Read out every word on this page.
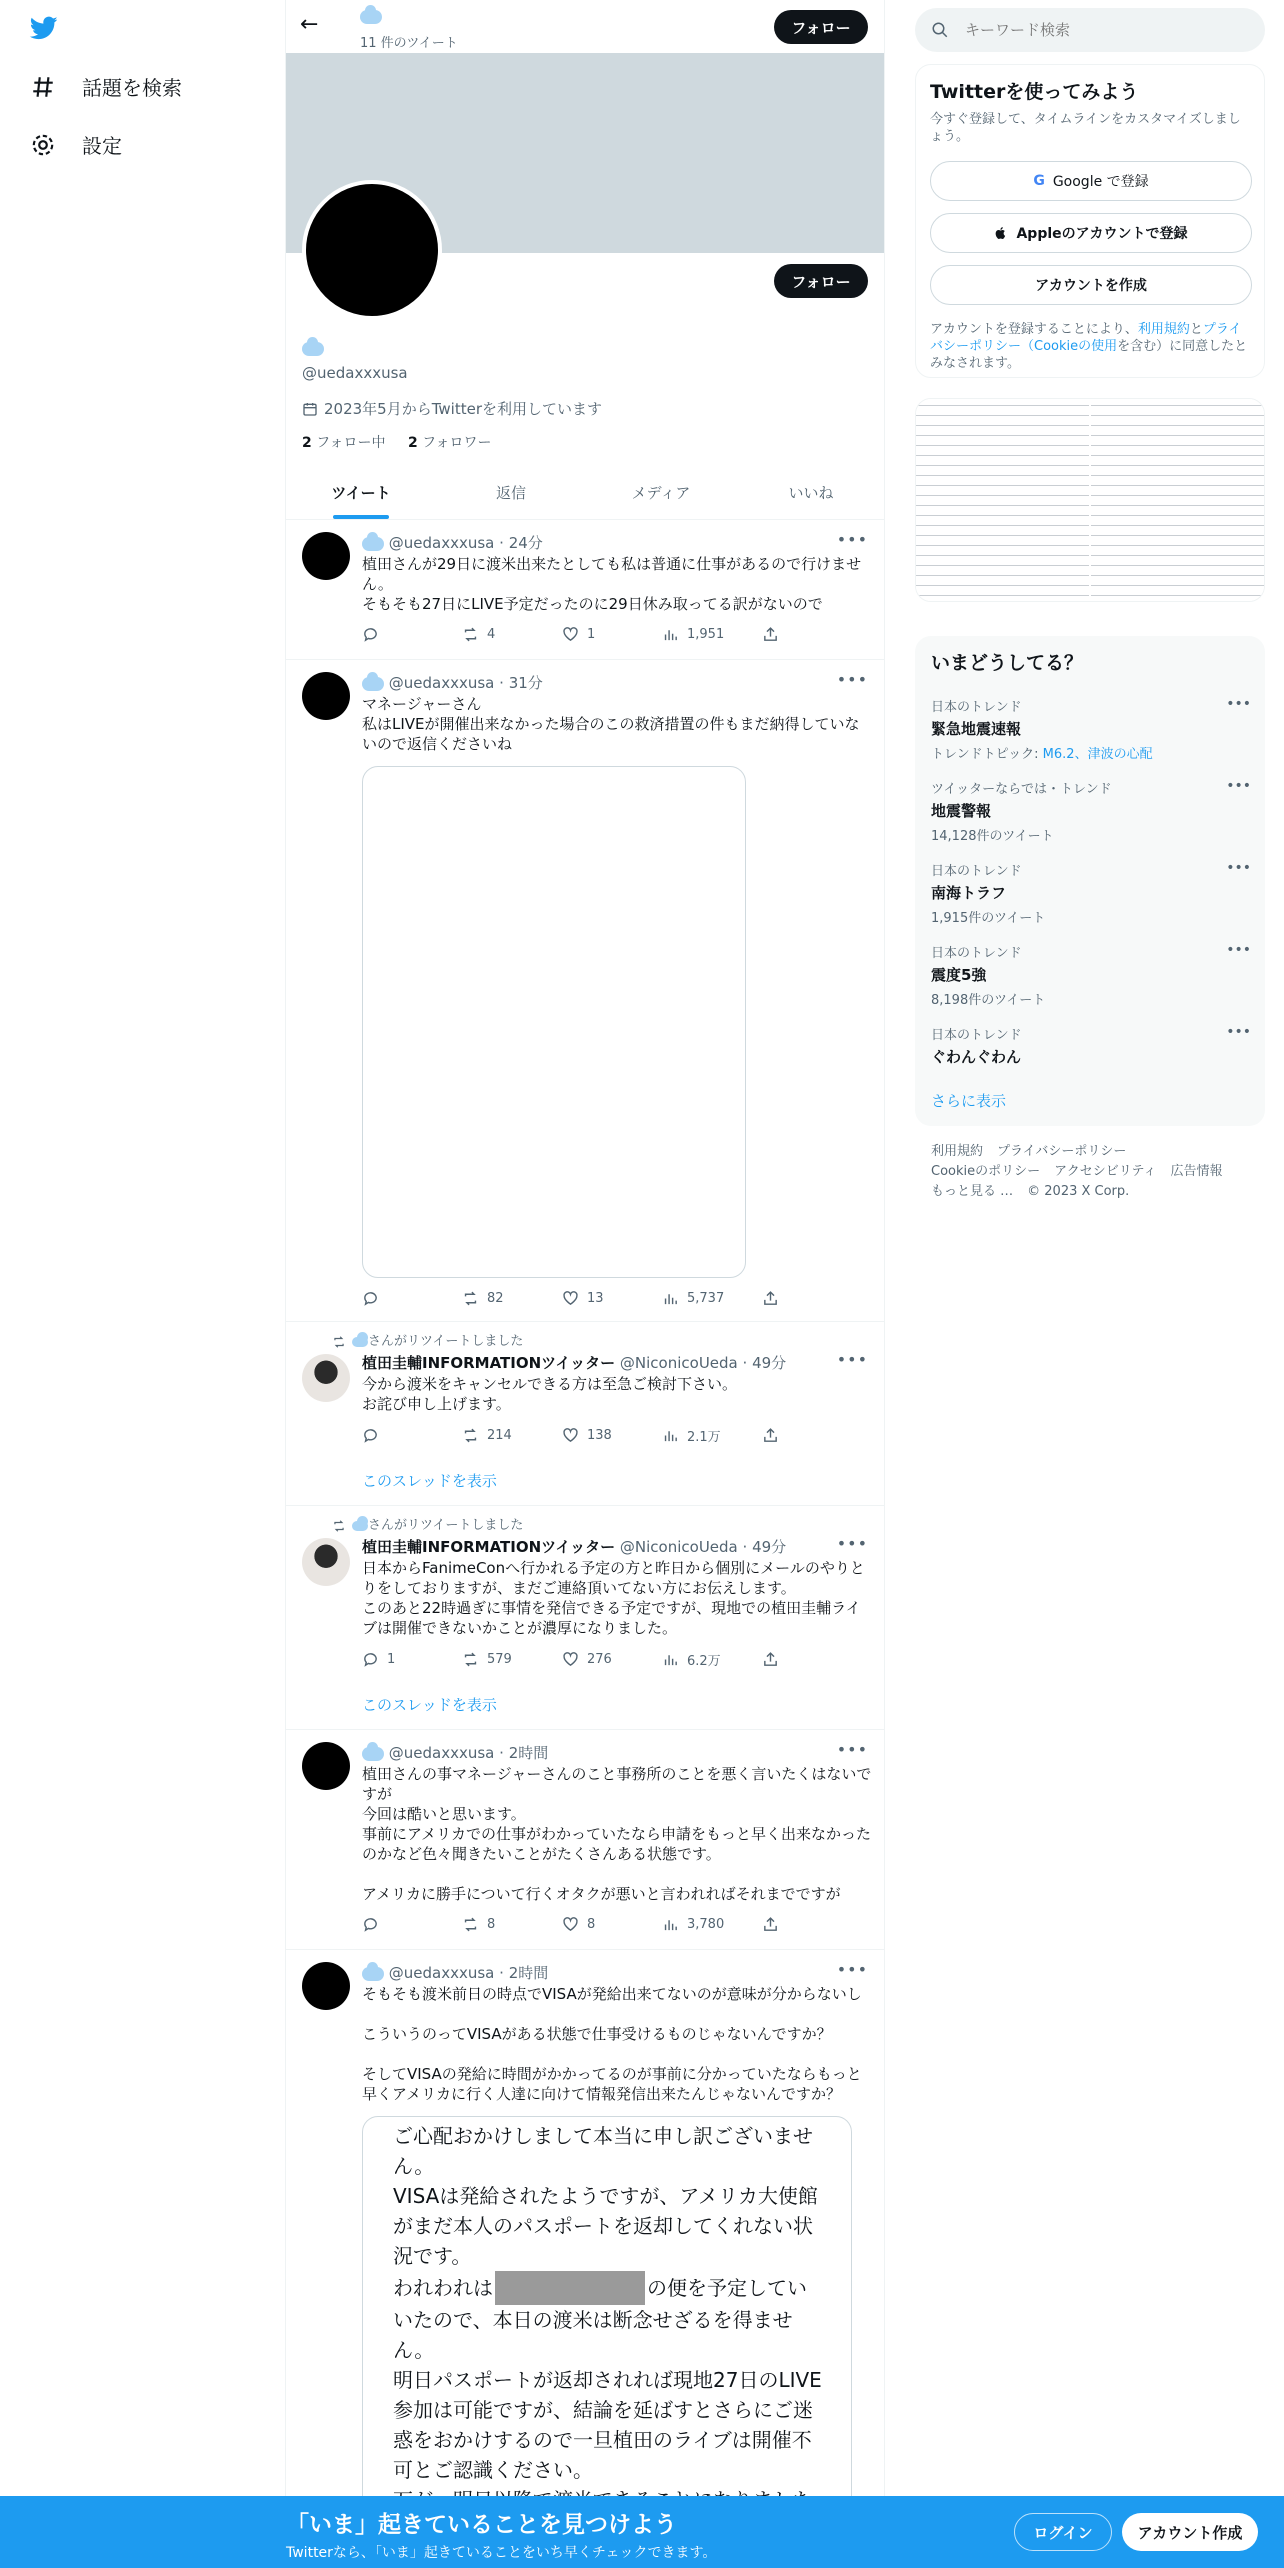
話題を検索
設定
←
11 件のツイート
フォロー
フォロー
@uedaxxxusa
2023年5月からTwitterを利用しています
2 フォロー中 2 フォロワー
ツイート	返信	メディア	いいね
@uedaxxxusa · 24分	•••
植田さんが29日に渡米出来たとしても私は普通に仕事があるので行けません。
そもそも27日にLIVE予定だったのに29日休み取ってる訳がないので
4	1	1,951
@uedaxxxusa · 31分	•••
マネージャーさん
私はLIVEが開催出来なかった場合のこの救済措置の件もまだ納得していないので返信くださいね
82	13	5,737
さんがリツイートしました
植田圭輔INFORMATIONツイッター @NiconicoUeda · 49分	•••
今から渡米をキャンセルできる方は至急ご検討下さい。
お詫び申し上げます。
214	138	2.1万
このスレッドを表示
さんがリツイートしました
植田圭輔INFORMATIONツイッター @NiconicoUeda · 49分	•••
日本からFanimeConへ行かれる予定の方と昨日から個別にメールのやりとりをしておりますが、まだご連絡頂いてない方にお伝えします。
このあと22時過ぎに事情を発信できる予定ですが、現地での植田圭輔ライブは開催できないかことが濃厚になりました。
1	579	276	6.2万
このスレッドを表示
@uedaxxxusa · 2時間	•••
植田さんの事マネージャーさんのこと事務所のことを悪く言いたくはないですが
今回は酷いと思います。
事前にアメリカでの仕事がわかっていたなら申請をもっと早く出来なかったのかなど色々聞きたいことがたくさんある状態です。

アメリカに勝手について行くオタクが悪いと言われればそれまでですが
8	8	3,780
@uedaxxxusa · 2時間	•••
そもそも渡米前日の時点でVISAが発給出来てないのが意味が分からないし

こういうのってVISAがある状態で仕事受けるものじゃないんですか？

そしてVISAの発給に時間がかかってるのが事前に分かっていたならもっと早くアメリカに行く人達に向けて情報発信出来たんじゃないんですか？
ご心配おかけしまして本当に申し訳ございませ
ん。
VISAは発給されたようですが、アメリカ大使館
がまだ本人のパスポートを返却してくれない状
況です。
われわれは	の便を予定してい
いたので、本日の渡米は断念せざるを得ませ
ん。
明日パスポートが返却されれば現地27日のLIVE
参加は可能ですが、結論を延ばすとさらにご迷
惑をおかけするので一旦植田のライブは開催不
可とご認識ください。
キーワード検索
Twitterを使ってみよう
今すぐ登録して、タイムラインをカスタマイズしましょう。
G Google で登録
Appleのアカウントで登録
アカウントを作成
アカウントを登録することにより、利用規約とプライバシーポリシー（Cookieの使用を含む）に同意したとみなされます。
いまどうしてる？
日本のトレンド
緊急地震速報
トレンドトピック: M6.2、津波の心配
•••
ツイッターならでは・トレンド
地震警報
14,128件のツイート
•••
日本のトレンド
南海トラフ
1,915件のツイート
•••
日本のトレンド
震度5強
8,198件のツイート
•••
日本のトレンド
ぐわんぐわん
•••
さらに表示
利用規約 プライバシーポリシー
Cookieのポリシー アクセシビリティ 広告情報
もっと見る … © 2023 X Corp.
「いま」起きていることを見つけよう
Twitterなら、「いま」起きていることをいち早くチェックできます。
ログイン	アカウント作成
